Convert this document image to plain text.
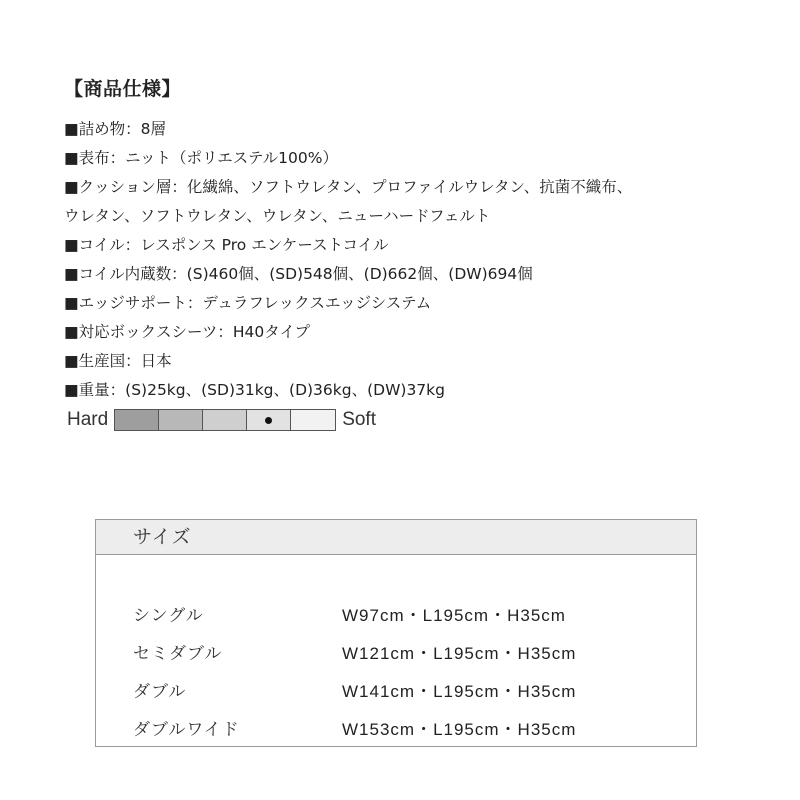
【商品仕様】
■詰め物：8層
■表布：ニット（ポリエステル100%）
■クッション層：化繊綿、ソフトウレタン、プロファイルウレタン、抗菌不織布、
ウレタン、ソフトウレタン、ウレタン、ニューハードフェルト
■コイル：レスポンス Pro エンケーストコイル
■コイル内蔵数：(S)460個、(SD)548個、(D)662個、(DW)694個
■エッジサポート：デュラフレックスエッジシステム
■対応ボックスシーツ：H40タイプ
■生産国：日本
■重量：(S)25kg、(SD)31kg、(D)36kg、(DW)37kg
Hard	Soft
サイズ
シングル	W97cm・L195cm・H35cm
セミダブル	W121cm・L195cm・H35cm
ダブル	W141cm・L195cm・H35cm
ダブルワイド	W153cm・L195cm・H35cm
